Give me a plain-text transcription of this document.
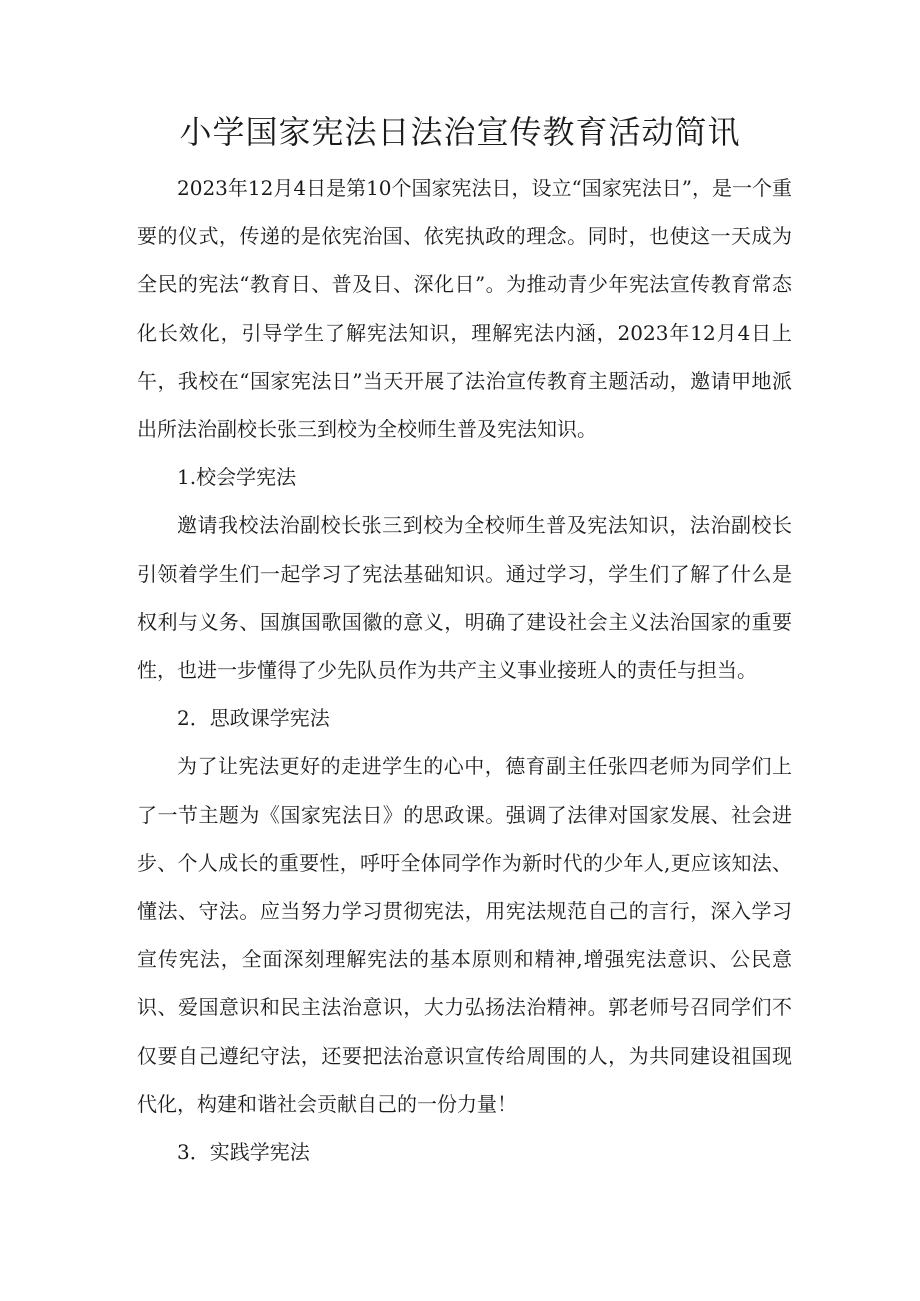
小学国家宪法日法治宣传教育活动简讯

2023年12月4日是第10个国家宪法日，设立“国家宪法日”，是一个重要的仪式，传递的是依宪治国、依宪执政的理念。同时，也使这一天成为全民的宪法“教育日、普及日、深化日”。为推动青少年宪法宣传教育常态化长效化，引导学生了解宪法知识，理解宪法内涵，2023年12月4日上午，我校在“国家宪法日”当天开展了法治宣传教育主题活动，邀请甲地派出所法治副校长张三到校为全校师生普及宪法知识。

1.校会学宪法

邀请我校法治副校长张三到校为全校师生普及宪法知识，法治副校长引领着学生们一起学习了宪法基础知识。通过学习，学生们了解了什么是权利与义务、国旗国歌国徽的意义，明确了建设社会主义法治国家的重要性，也进一步懂得了少先队员作为共产主义事业接班人的责任与担当。

2．思政课学宪法

为了让宪法更好的走进学生的心中，德育副主任张四老师为同学们上了一节主题为《国家宪法日》的思政课。强调了法律对国家发展、社会进步、个人成长的重要性，呼吁全体同学作为新时代的少年人,更应该知法、懂法、守法。应当努力学习贯彻宪法，用宪法规范自己的言行，深入学习宣传宪法，全面深刻理解宪法的基本原则和精神,增强宪法意识、公民意识、爱国意识和民主法治意识，大力弘扬法治精神。郭老师号召同学们不仅要自己遵纪守法，还要把法治意识宣传给周围的人，为共同建设祖国现代化，构建和谐社会贡献自己的一份力量！

3．实践学宪法
